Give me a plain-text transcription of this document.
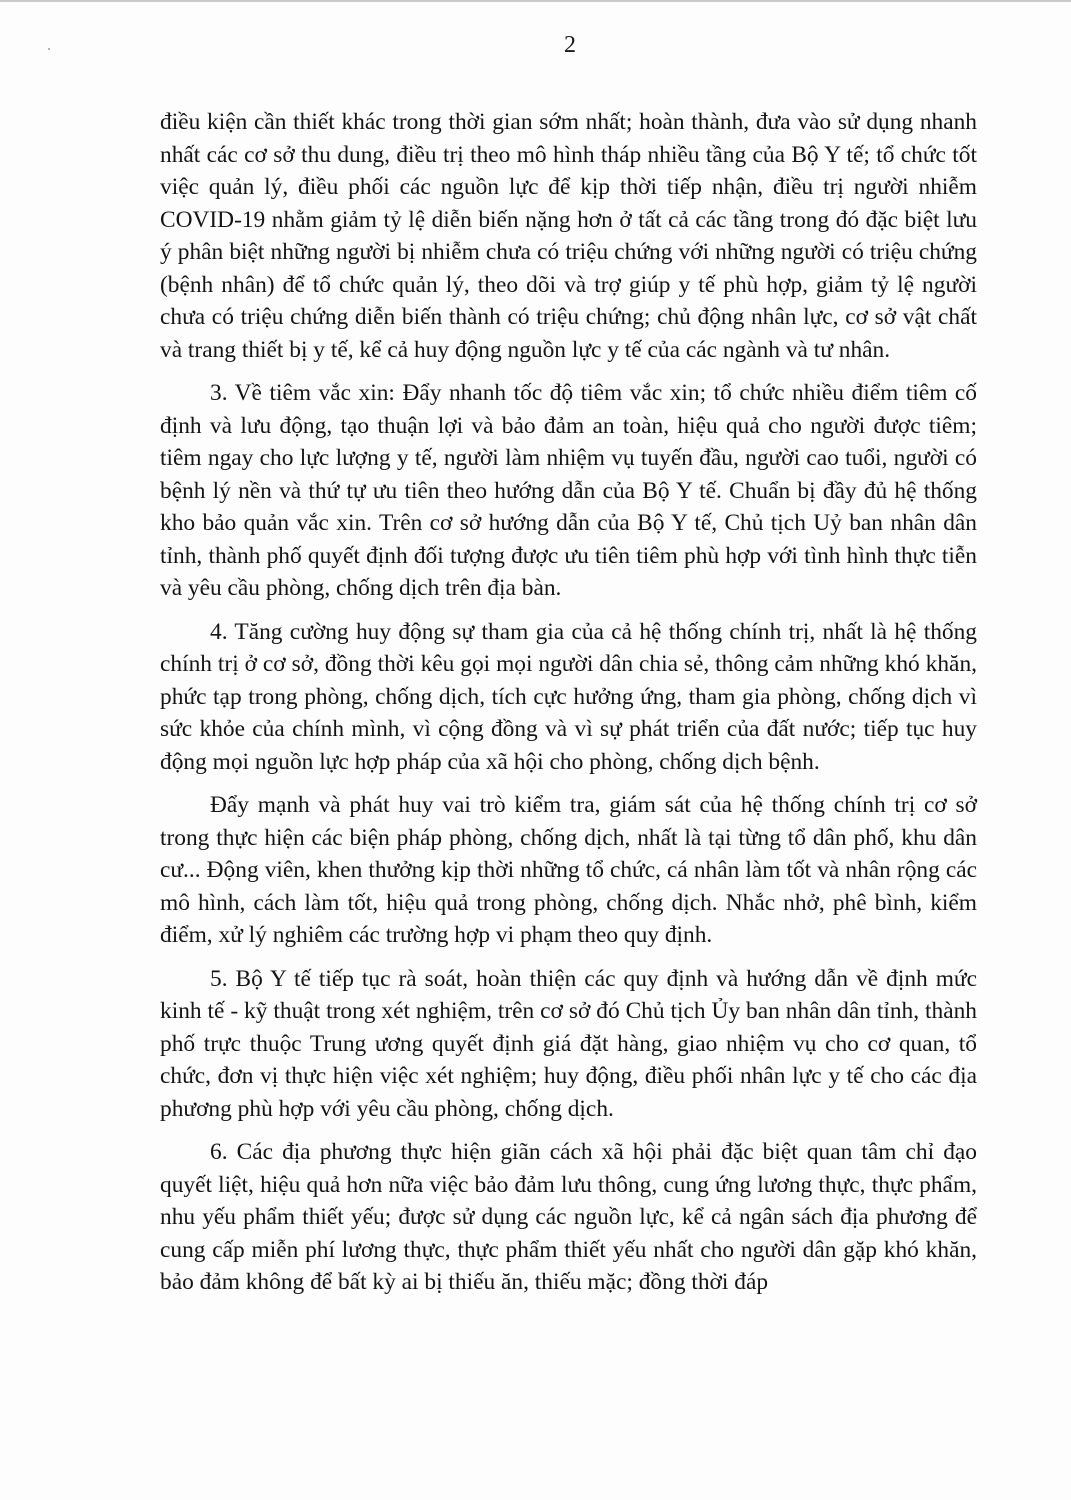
2

điều kiện cần thiết khác trong thời gian sớm nhất; hoàn thành, đưa vào sử dụng nhanh nhất các cơ sở thu dung, điều trị theo mô hình tháp nhiều tầng của Bộ Y tế; tổ chức tốt việc quản lý, điều phối các nguồn lực để kịp thời tiếp nhận, điều trị người nhiễm COVID-19 nhằm giảm tỷ lệ diễn biến nặng hơn ở tất cả các tầng trong đó đặc biệt lưu ý phân biệt những người bị nhiễm chưa có triệu chứng với những người có triệu chứng (bệnh nhân) để tổ chức quản lý, theo dõi và trợ giúp y tế phù hợp, giảm tỷ lệ người chưa có triệu chứng diễn biến thành có triệu chứng; chủ động nhân lực, cơ sở vật chất và trang thiết bị y tế, kể cả huy động nguồn lực y tế của các ngành và tư nhân.

3. Về tiêm vắc xin: Đẩy nhanh tốc độ tiêm vắc xin; tổ chức nhiều điểm tiêm cố định và lưu động, tạo thuận lợi và bảo đảm an toàn, hiệu quả cho người được tiêm; tiêm ngay cho lực lượng y tế, người làm nhiệm vụ tuyến đầu, người cao tuổi, người có bệnh lý nền và thứ tự ưu tiên theo hướng dẫn của Bộ Y tế. Chuẩn bị đầy đủ hệ thống kho bảo quản vắc xin. Trên cơ sở hướng dẫn của Bộ Y tế, Chủ tịch Uỷ ban nhân dân tỉnh, thành phố quyết định đối tượng được ưu tiên tiêm phù hợp với tình hình thực tiễn và yêu cầu phòng, chống dịch trên địa bàn.

4. Tăng cường huy động sự tham gia của cả hệ thống chính trị, nhất là hệ thống chính trị ở cơ sở, đồng thời kêu gọi mọi người dân chia sẻ, thông cảm những khó khăn, phức tạp trong phòng, chống dịch, tích cực hưởng ứng, tham gia phòng, chống dịch vì sức khỏe của chính mình, vì cộng đồng và vì sự phát triển của đất nước; tiếp tục huy động mọi nguồn lực hợp pháp của xã hội cho phòng, chống dịch bệnh.

Đẩy mạnh và phát huy vai trò kiểm tra, giám sát của hệ thống chính trị cơ sở trong thực hiện các biện pháp phòng, chống dịch, nhất là tại từng tổ dân phố, khu dân cư... Động viên, khen thưởng kịp thời những tổ chức, cá nhân làm tốt và nhân rộng các mô hình, cách làm tốt, hiệu quả trong phòng, chống dịch. Nhắc nhở, phê bình, kiểm điểm, xử lý nghiêm các trường hợp vi phạm theo quy định.

5. Bộ Y tế tiếp tục rà soát, hoàn thiện các quy định và hướng dẫn về định mức kinh tế - kỹ thuật trong xét nghiệm, trên cơ sở đó Chủ tịch Ủy ban nhân dân tỉnh, thành phố trực thuộc Trung ương quyết định giá đặt hàng, giao nhiệm vụ cho cơ quan, tổ chức, đơn vị thực hiện việc xét nghiệm; huy động, điều phối nhân lực y tế cho các địa phương phù hợp với yêu cầu phòng, chống dịch.

6. Các địa phương thực hiện giãn cách xã hội phải đặc biệt quan tâm chỉ đạo quyết liệt, hiệu quả hơn nữa việc bảo đảm lưu thông, cung ứng lương thực, thực phẩm, nhu yếu phẩm thiết yếu; được sử dụng các nguồn lực, kể cả ngân sách địa phương để cung cấp miễn phí lương thực, thực phẩm thiết yếu nhất cho người dân gặp khó khăn, bảo đảm không để bất kỳ ai bị thiếu ăn, thiếu mặc; đồng thời đáp
